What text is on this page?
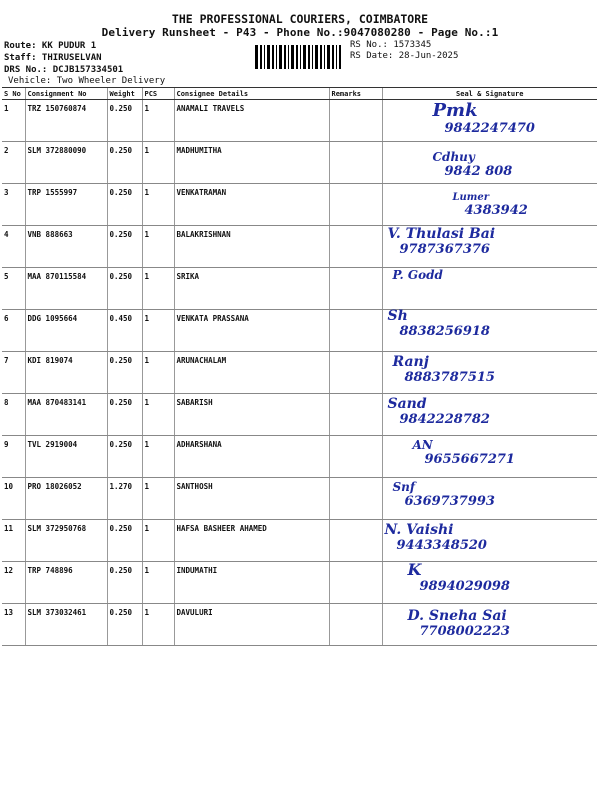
THE PROFESSIONAL COURIERS, COIMBATORE
Delivery Runsheet - P43 - Phone No.:9047080280 - Page No.:1
Route: KK PUDUR 1
Staff: THIRUSELVAN
DRS No.: DCJB157334501
Vehicle: Two Wheeler Delivery
RS No.: 1573345
RS Date: 28-Jun-2025
S No	Consignment No	Weight	PCS	Consignee Details	Remarks	Seal & Signature
1	TRZ 150760874	0.250	1	ANAMALI TRAVELS		Pmk
9842247470

2	SLM 372880090	0.250	1	MADHUMITHA		Cdhuy
9842 808

3	TRP 1555997	0.250	1	VENKATRAMAN		Lumer
4383942

4	VNB 888663	0.250	1	BALAKRISHNAN		V. Thulasi Bai
9787367376

5	MAA 870115584	0.250	1	SRIKA		P. Godd

6	DDG 1095664	0.450	1	VENKATA PRASSANA		Sh
8838256918

7	KDI 819074	0.250	1	ARUNACHALAM		Ranj
8883787515

8	MAA 870483141	0.250	1	SABARISH		Sand
9842228782

9	TVL 2919004	0.250	1	ADHARSHANA		AN
9655667271

10	PRO 18026052	1.270	1	SANTHOSH		Snf
6369737993

11	SLM 372950768	0.250	1	HAFSA BASHEER AHAMED		N. Vaishi
9443348520

12	TRP 748896	0.250	1	INDUMATHI		K
9894029098

13	SLM 373032461	0.250	1	DAVULURI		D. Sneha Sai
7708002223
